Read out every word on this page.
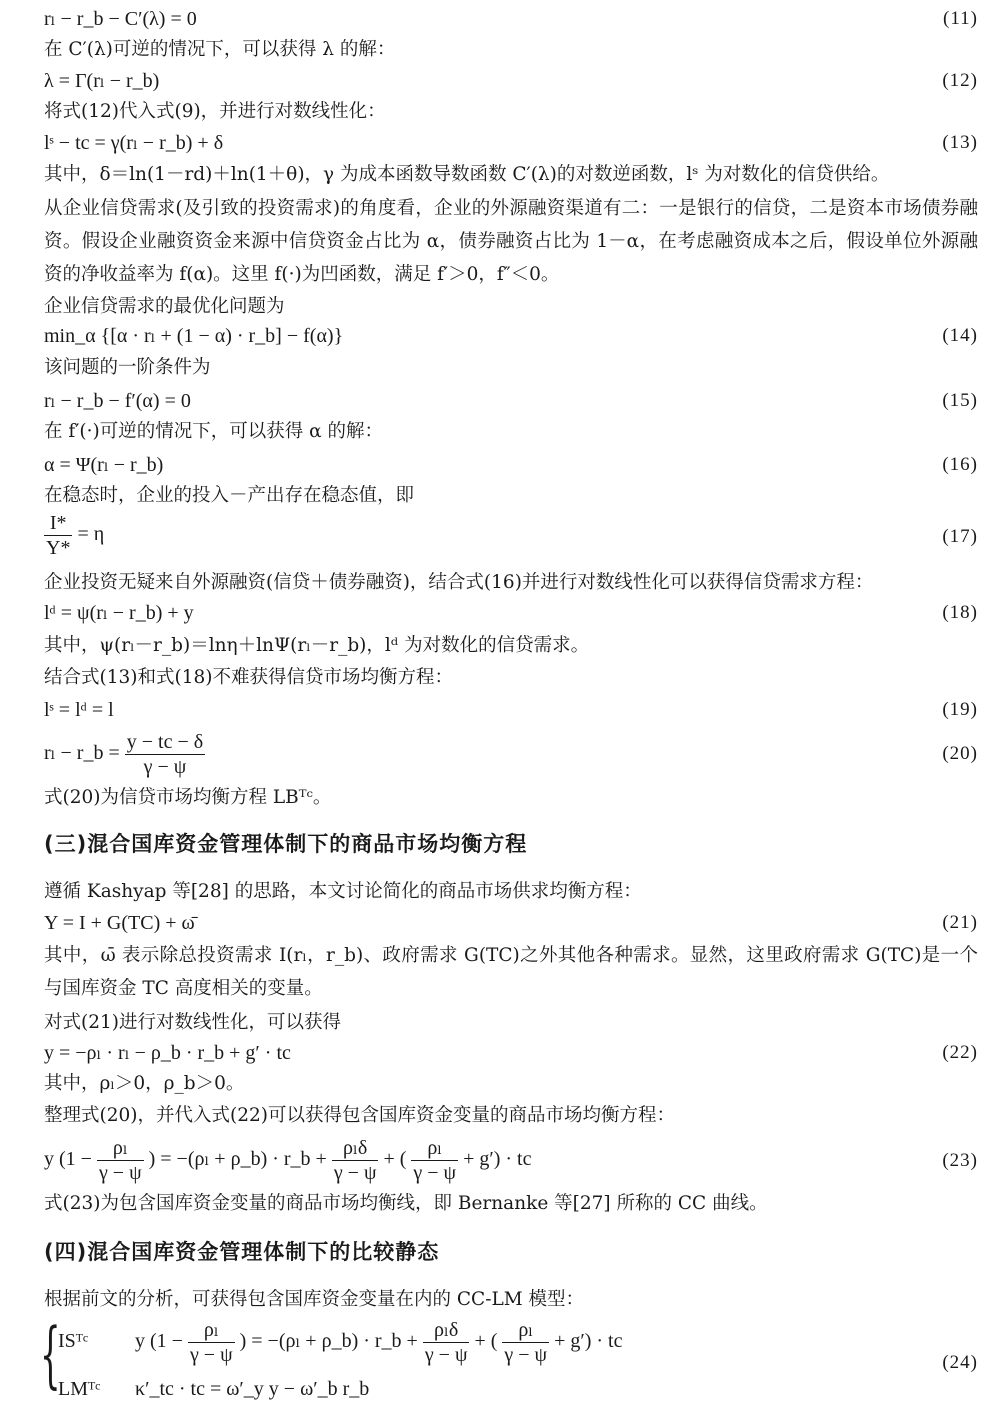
rₗ − r_b − C′(λ) = 0	(11)
在 C′(λ)可逆的情况下，可以获得 λ 的解：
λ = Γ(rₗ − r_b)	(12)
将式(12)代入式(9)，并进行对数线性化：
lˢ − tc = γ(rₗ − r_b) + δ	(13)
其中，δ＝ln(1－rd)＋ln(1＋θ)，γ 为成本函数导数函数 C′(λ)的对数逆函数，lˢ 为对数化的信贷供给。
从企业信贷需求(及引致的投资需求)的角度看，企业的外源融资渠道有二：一是银行的信贷，二是资本市场债券融资。假设企业融资资金来源中信贷资金占比为 α，债券融资占比为 1－α，在考虑融资成本之后，假设单位外源融资的净收益率为 f(α)。这里 f(·)为凹函数，满足 f′＞0，f″＜0。
企业信贷需求的最优化问题为
min_α {[α · rₗ + (1 − α) · r_b] − f(α)}	(14)
该问题的一阶条件为
rₗ − r_b − f′(α) = 0	(15)
在 f′(·)可逆的情况下，可以获得 α 的解：
α = Ψ(rₗ − r_b)	(16)
在稳态时，企业的投入－产出存在稳态值，即
$\frac{I*}{Y*} = \eta$	(17)
企业投资无疑来自外源融资(信贷＋债券融资)，结合式(16)并进行对数线性化可以获得信贷需求方程：
lᵈ = ψ(rₗ − r_b) + y	(18)
其中，ψ(rₗ－r_b)＝lnη＋lnΨ(rₗ－r_b)，lᵈ 为对数化的信贷需求。
结合式(13)和式(18)不难获得信贷市场均衡方程：
lˢ = lᵈ = l	(19)
rₗ − r_b = $\frac{y - tc - \delta}{\gamma - \psi}$	(20)
式(20)为信贷市场均衡方程 LBᵀᶜ。
(三)混合国库资金管理体制下的商品市场均衡方程
遵循 Kashyap 等[28] 的思路，本文讨论简化的商品市场供求均衡方程：
Y = I + G(TC) + ω̄	(21)
其中，ω̄ 表示除总投资需求 I(rₗ，r_b)、政府需求 G(TC)之外其他各种需求。显然，这里政府需求 G(TC)是一个与国库资金 TC 高度相关的变量。
对式(21)进行对数线性化，可以获得
y = −ρₗ · rₗ − ρ_b · r_b + g′ · tc	(22)
其中，ρₗ＞0，ρ_b＞0。
整理式(20)，并代入式(22)可以获得包含国库资金变量的商品市场均衡方程：
y ($1 - \frac{\text{ρₗ}}{\gamma - \psi}$ ) = −(ρₗ + ρ_b) · r_b + $\frac{\text{ρₗδ}}{\gamma - \psi}$ + ( $\frac{\text{ρₗ}}{\gamma - \psi} + g'$) · tc	(23)
式(23)为包含国库资金变量的商品市场均衡线，即 Bernanke 等[27] 所称的 CC 曲线。
(四)混合国库资金管理体制下的比较静态
根据前文的分析，可获得包含国库资金变量在内的 CC-LM 模型：
{
ISᵀᶜ y ($1 - \frac{\text{ρₗ}}{\gamma - \psi}$ ) = −(ρₗ + ρ_b) · r_b + $\frac{\text{ρₗδ}}{\gamma - \psi}$ + ( $\frac{\text{ρₗ}}{\gamma - \psi} + g'$) · tc
LMᵀᶜ κ′_tc · tc = ω′_y y − ω′_b r_b
(24)
